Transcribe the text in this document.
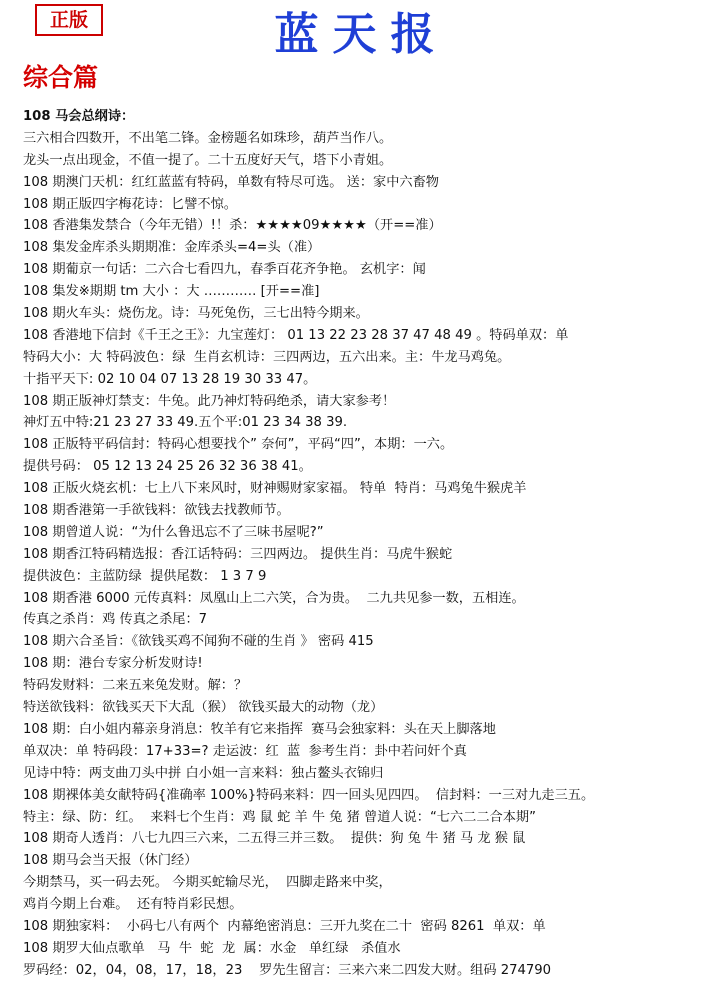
正版	蓝天报
综合篇
108 马会总纲诗：
三六相合四数开，不出笔二锋。金榜题名如珠珍，葫芦当作八。
龙头一点出现金，不值一提了。二十五度好天气，塔下小青姐。
108 期澳门天机：红红蓝蓝有特码，单数有特尽可选。 送：家中六畜物
108 期正版四字梅花诗：匕譬不惊。
108 香港集发禁合（今年无错）!！杀：★★★★09★★★★（开==准）
108 集发金库杀头期期准：金库杀头=4=头（准）
108 期葡京一句话：二六合七看四九，春季百花齐争艳。 玄机字：闻
108 集发※期期 tm 大小 ：大 ………… [开==准]
108 期火车头：烧伤龙。诗：马死兔伤，三七出特今期来。
108 香港地下信封《千王之王》：九宝莲灯： 01 13 22 23 28 37 47 48 49 。特码单双：单
特码大小：大 特码波色：绿  生肖玄机诗：三四两边，五六出来。主：牛龙马鸡兔。
十指平天下: 02 10 04 07 13 28 19 30 33 47。
108 期正版神灯禁支：牛兔。此乃神灯特码绝杀，请大家参考！
神灯五中特:21 23 27 33 49.五个平:01 23 34 38 39.
108 正版特平码信封：特码心想要找个” 奈何”，平码“四”，本期：一六。
提供号码： 05 12 13 24 25 26 32 36 38 41。
108 正版火烧玄机：七上八下来风时，财神赐财家家福。 特单  特肖：马鸡兔牛猴虎羊
108 期香港第一手欲钱料：欲钱去找教师节。
108 期曾道人说：“为什么鲁迅忘不了三味书屋呢?”
108 期香江特码精选报：香江话特码：三四两边。 提供生肖：马虎牛猴蛇
提供波色：主蓝防绿  提供尾数： 1 3 7 9
108 期香港 6000 元传真料：凤凰山上二六笑，合为贵。  二九共见参一数，五相连。
传真之杀肖：鸡 传真之杀尾：7
108 期六合圣旨：《欲钱买鸡不闻狗不碰的生肖 》 密码 415
108 期：港台专家分析发财诗!
特码发财料：二来五来兔发财。解：？
特送欲钱料：欲钱买天下大乱（猴） 欲钱买最大的动物（龙）
108 期：白小姐内幕亲身消息：牧羊有它来指挥  赛马会独家料：头在天上脚落地
单双决：单 特码段：17+33=? 走运波：红  蓝  参考生肖：卦中若问奸个真
见诗中特：两支曲刀头中拼 白小姐一言来料：独占鳌头衣锦归
108 期裸体美女献特码{准确率 100%}特码来料：四一回头见四四。  信封料：一三对九走三五。
特主：绿、防：红。  来料七个生肖：鸡 鼠 蛇 羊 牛 兔 猪 曾道人说：“七六二二合本期”
108 期奇人透肖：八七九四三六来，二五得三并三数。  提供：狗 兔 牛 猪 马 龙 猴 鼠
108 期马会当天报（休门经）
今期禁马，买一码去死。 今期买蛇输尽光，  四脚走路来中奖，
鸡肖今期上台难。  还有特肖彩民想。
108 期独家料：  小码七八有两个  内幕绝密消息：三开九奖在二十  密码 8261  单双：单
108 期罗大仙点歌单   马  牛  蛇  龙  属：水金   单红绿   杀值水
罗码经：02，04，08，17，18，23    罗先生留言：三来六来二四发大财。组码 274790
